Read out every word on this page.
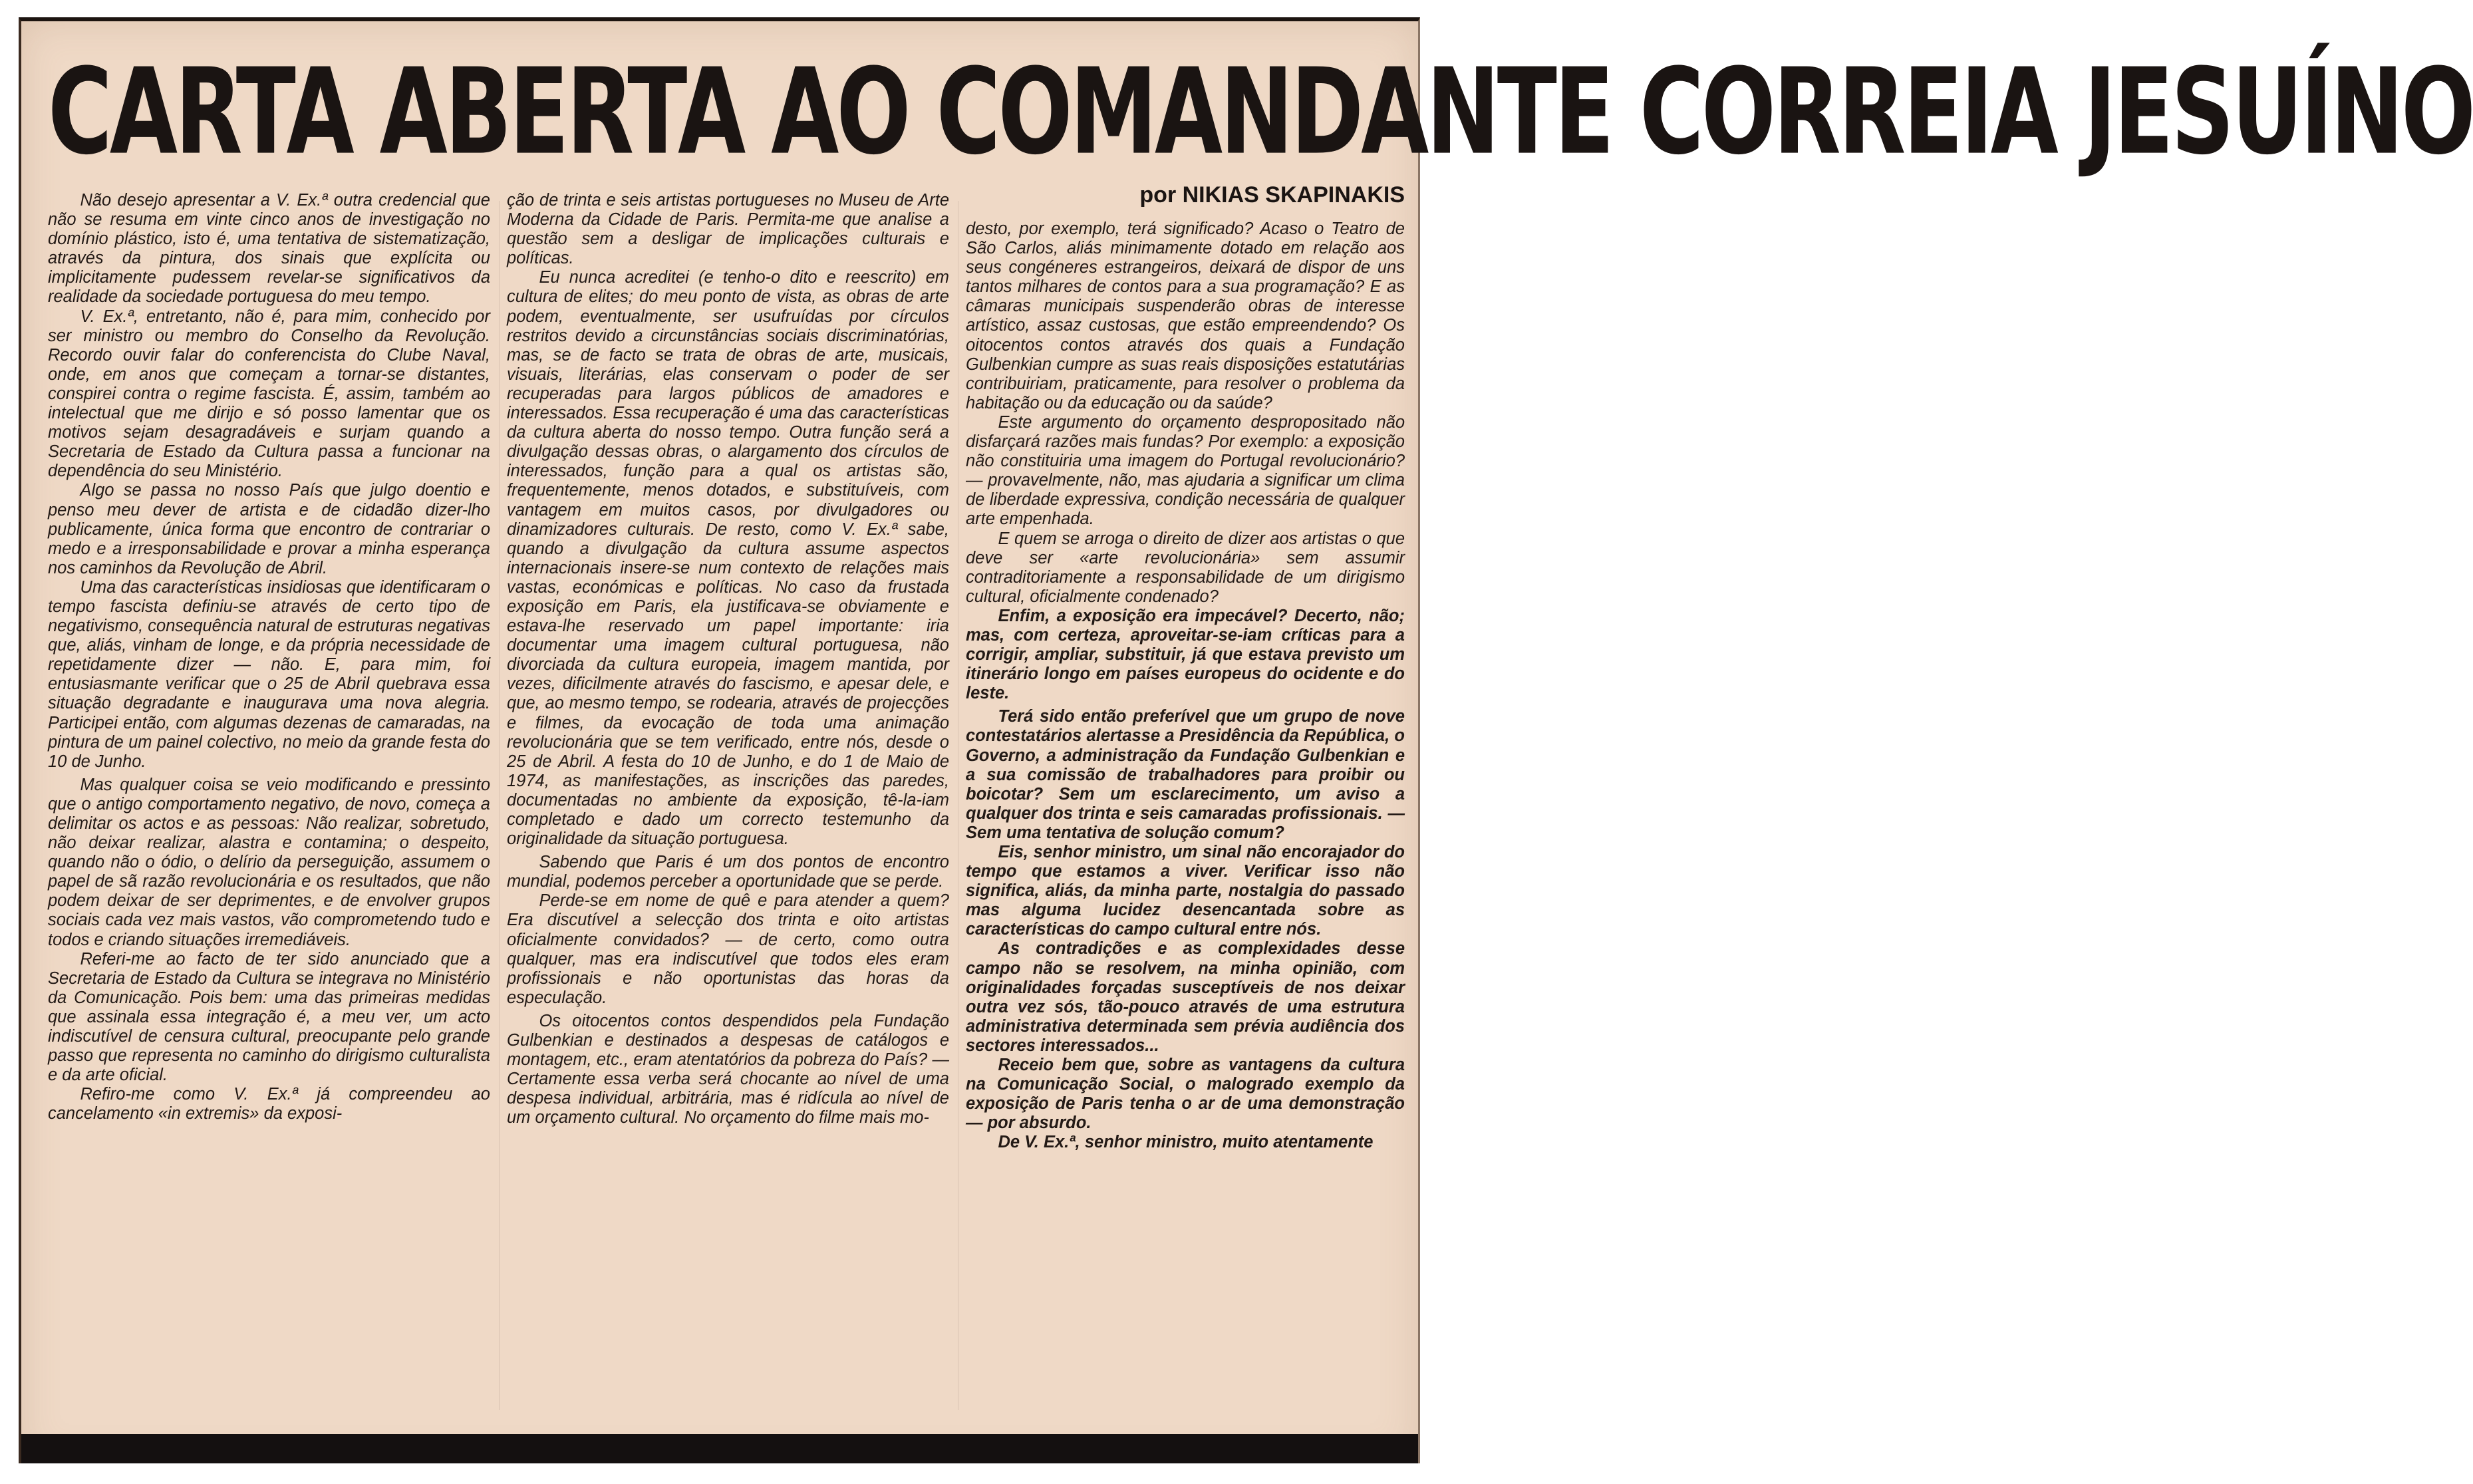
CARTA ABERTA AO COMANDANTE CORREIA JESUÍNO
por NIKIAS SKAPINAKIS

Não desejo apresentar a V. Ex.ª outra credencial que não se resuma em vinte cinco anos de investigação no domínio plástico, isto é, uma tentativa de sistematização, através da pintura, dos sinais que explícita ou implicitamente pudessem revelar-se significativos da realidade da sociedade portuguesa do meu tempo.

V. Ex.ª, entretanto, não é, para mim, conhecido por ser ministro ou membro do Conselho da Revolução. Recordo ouvir falar do conferencista do Clube Naval, onde, em anos que começam a tornar-se distantes, conspirei contra o regime fascista. É, assim, também ao intelectual que me dirijo e só posso lamentar que os motivos sejam desagradáveis e surjam quando a Secretaria de Estado da Cultura passa a funcionar na dependência do seu Ministério.

Algo se passa no nosso País que julgo doentio e penso meu dever de artista e de cidadão dizer-lho publicamente, única forma que encontro de contrariar o medo e a irresponsabilidade e provar a minha esperança nos caminhos da Revolução de Abril.

Uma das características insidiosas que identificaram o tempo fascista definiu-se através de certo tipo de negativismo, consequência natural de estruturas negativas que, aliás, vinham de longe, e da própria necessidade de repetidamente dizer — não. E, para mim, foi entusiasmante verificar que o 25 de Abril quebrava essa situação degradante e inaugurava uma nova alegria. Participei então, com algumas dezenas de camaradas, na pintura de um painel colectivo, no meio da grande festa do 10 de Junho.

Mas qualquer coisa se veio modificando e pressinto que o antigo comportamento negativo, de novo, começa a delimitar os actos e as pessoas: Não realizar, sobretudo, não deixar realizar, alastra e contamina; o despeito, quando não o ódio, o delírio da perseguição, assumem o papel de sã razão revolucionária e os resultados, que não podem deixar de ser deprimentes, e de envolver grupos sociais cada vez mais vastos, vão comprometendo tudo e todos e criando situações irremediáveis.

Referi-me ao facto de ter sido anunciado que a Secretaria de Estado da Cultura se integrava no Ministério da Comunicação. Pois bem: uma das primeiras medidas que assinala essa integração é, a meu ver, um acto indiscutível de censura cultural, preocupante pelo grande passo que representa no caminho do dirigismo culturalista e da arte oficial.

Refiro-me como V. Ex.ª já compreendeu ao cancelamento «in extremis» da exposi-

ção de trinta e seis artistas portugueses no Museu de Arte Moderna da Cidade de Paris. Permita-me que analise a questão sem a desligar de implicações culturais e políticas.

Eu nunca acreditei (e tenho-o dito e reescrito) em cultura de elites; do meu ponto de vista, as obras de arte podem, eventualmente, ser usufruídas por círculos restritos devido a circunstâncias sociais discriminatórias, mas, se de facto se trata de obras de arte, musicais, visuais, literárias, elas conservam o poder de ser recuperadas para largos públicos de amadores e interessados. Essa recuperação é uma das características da cultura aberta do nosso tempo. Outra função será a divulgação dessas obras, o alargamento dos círculos de interessados, função para a qual os artistas são, frequentemente, menos dotados, e substituíveis, com vantagem em muitos casos, por divulgadores ou dinamizadores culturais. De resto, como V. Ex.ª sabe, quando a divulgação da cultura assume aspectos internacionais insere-se num contexto de relações mais vastas, económicas e políticas. No caso da frustada exposição em Paris, ela justificava-se obviamente e estava-lhe reservado um papel importante: iria documentar uma imagem cultural portuguesa, não divorciada da cultura europeia, imagem mantida, por vezes, dificilmente através do fascismo, e apesar dele, e que, ao mesmo tempo, se rodearia, através de projecções e filmes, da evocação de toda uma animação revolucionária que se tem verificado, entre nós, desde o 25 de Abril. A festa do 10 de Junho, e do 1 de Maio de 1974, as manifestações, as inscrições das paredes, documentadas no ambiente da exposição, tê-la-iam completado e dado um correcto testemunho da originalidade da situação portuguesa.

Sabendo que Paris é um dos pontos de encontro mundial, podemos perceber a oportunidade que se perde.

Perde-se em nome de quê e para atender a quem? Era discutível a selecção dos trinta e oito artistas oficialmente convidados? — de certo, como outra qualquer, mas era indiscutível que todos eles eram profissionais e não oportunistas das horas da especulação.

Os oitocentos contos despendidos pela Fundação Gulbenkian e destinados a despesas de catálogos e montagem, etc., eram atentatórios da pobreza do País? — Certamente essa verba será chocante ao nível de uma despesa individual, arbitrária, mas é ridícula ao nível de um orçamento cultural. No orçamento do filme mais mo-

desto, por exemplo, terá significado? Acaso o Teatro de São Carlos, aliás minimamente dotado em relação aos seus congéneres estrangeiros, deixará de dispor de uns tantos milhares de contos para a sua programação? E as câmaras municipais suspenderão obras de interesse artístico, assaz custosas, que estão empreendendo? Os oitocentos contos através dos quais a Fundação Gulbenkian cumpre as suas reais disposições estatutárias contribuiriam, praticamente, para resolver o problema da habitação ou da educação ou da saúde?

Este argumento do orçamento despropositado não disfarçará razões mais fundas? Por exemplo: a exposição não constituiria uma imagem do Portugal revolucionário? — provavelmente, não, mas ajudaria a significar um clima de liberdade expressiva, condição necessária de qualquer arte empenhada.

E quem se arroga o direito de dizer aos artistas o que deve ser «arte revolucionária» sem assumir contraditoriamente a responsabilidade de um dirigismo cultural, oficialmente condenado?

Enfim, a exposição era impecável? Decerto, não; mas, com certeza, aproveitar-se-iam críticas para a corrigir, ampliar, substituir, já que estava previsto um itinerário longo em países europeus do ocidente e do leste.

Terá sido então preferível que um grupo de nove contestatários alertasse a Presidência da República, o Governo, a administração da Fundação Gulbenkian e a sua comissão de trabalhadores para proibir ou boicotar? Sem um esclarecimento, um aviso a qualquer dos trinta e seis camaradas profissionais. — Sem uma tentativa de solução comum?

Eis, senhor ministro, um sinal não encorajador do tempo que estamos a viver. Verificar isso não significa, aliás, da minha parte, nostalgia do passado mas alguma lucidez desencantada sobre as características do campo cultural entre nós.

As contradições e as complexidades desse campo não se resolvem, na minha opinião, com originalidades forçadas susceptíveis de nos deixar outra vez sós, tão-pouco através de uma estrutura administrativa determinada sem prévia audiência dos sectores interessados...

Receio bem que, sobre as vantagens da cultura na Comunicação Social, o malogrado exemplo da exposição de Paris tenha o ar de uma demonstração — por absurdo.

De V. Ex.ª, senhor ministro, muito atentamente
